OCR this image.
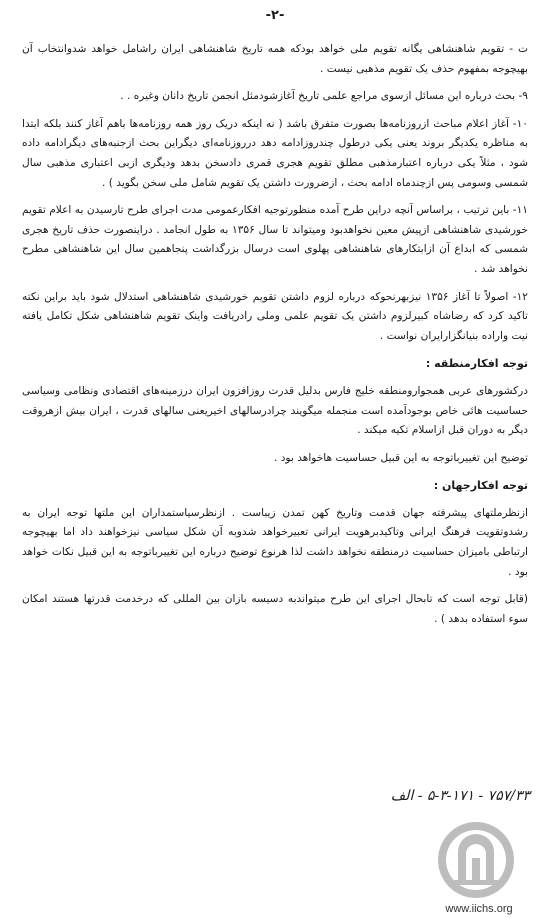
-۲-

ت - تقویم شاهنشاهی یگانه تقویم ملی خواهد بودکه همه تاریخ شاهنشاهی ایران راشامل خواهد شدوانتخاب آن بهیچوجه بمفهوم حذف یک تقویم مذهبی نیست .

۹- بحث درباره این مسائل ازسوی مراجع علمی تاریخ آغازشودمثل انجمن تاریخ دانان وغیره . .

۱۰- آغاز اعلام مباحث ازروزنامه‌ها بصورت متفرق باشد ( نه اینکه دریک روز همه روزنامه‌ها باهم آغاز کنند بلکه ابتدا به مناظره یکدیگر بروند یعنی یکی درطول چندروزادامه دهد درروزنامه‌ای دیگراین بحث ازجنبه‌های دیگرادامه داده شود ، مثلاً یکی درباره اعتبارمذهبی مطلق تقویم هجری قمری دادسخن بدهد ودیگری ازبی اعتباری مذهبی سال شمسی وسومی پس ازچندماه ادامه بحث ، ازضرورت داشتن یک تقویم شامل ملی سخن بگوید ) .

۱۱- باین ترتیب ، براساس آنچه دراین طرح آمده منظورتوجیه افکارعمومی مدت اجرای طرح تارسیدن به اعلام تقویم خورشیدی شاهنشاهی ازپیش معین نخواهدبود ومیتواند تا سال ۱۳۵۶ به طول انجامد . دراینصورت حذف تاریخ هجری شمسی که ابداع آن ازابتکارهای شاهنشاهی پهلوی است درسال بزرگداشت پنجاهمین سال این شاهنشاهی مطرح نخواهد شد .

۱۲- اصولاً تا آغاز ۱۳۵۶ نیزبهرنحوکه درباره لزوم داشتن تقویم خورشیدی شاهنشاهی استدلال شود باید براین نکته تاکید کرد که رضاشاه کبیرلزوم داشتن یک تقویم علمی وملی رادریافت واینک تقویم شاهنشاهی شکل تکامل یافته نیت واراده بنیانگزارایران نواست .

توجه افکارمنطقه :

درکشورهای عربی همجوارومنطقه خلیج فارس بدلیل قدرت روزافزون ایران درزمینه‌های اقتصادی ونظامی وسیاسی حساسیت هائی خاص بوجودآمده است منجمله میگویند چرادرسالهای اخیریعنی سالهای قدرت ، ایران بیش ازهروقت دیگر به دوران قبل ازاسلام تکیه میکند .

توضیح این تغییرباتوجه به این قبیل حساسیت هاخواهد بود .

توجه افکارجهان :

ازنظرملتهای پیشرفته جهان قدمت وتاریخ کهن تمدن زیباست . ازنظرسیاستمداران این ملتها توجه ایران به رشدوتقویت فرهنگ ایرانی وتاکیدبرهویت ایرانی تعبیرخواهد شدوبه آن شکل سیاسی نیزخواهند داد اما بهیچوجه ارتباطی بامیزان حساسیت درمنطقه نخواهد داشت لذا هرنوع توضیح درباره این تغییرباتوجه به این قبیل نکات خواهد بود .

(قابل توجه است که تابحال اجرای این طرح میتواندبه دسیسه بازان بین المللی که درخدمت قدرتها هستند امکان سوء استفاده بدهد ) .

۷۵۷/۳۳ - ۵-۳-۱۷۱ - الف
www.iichs.org
